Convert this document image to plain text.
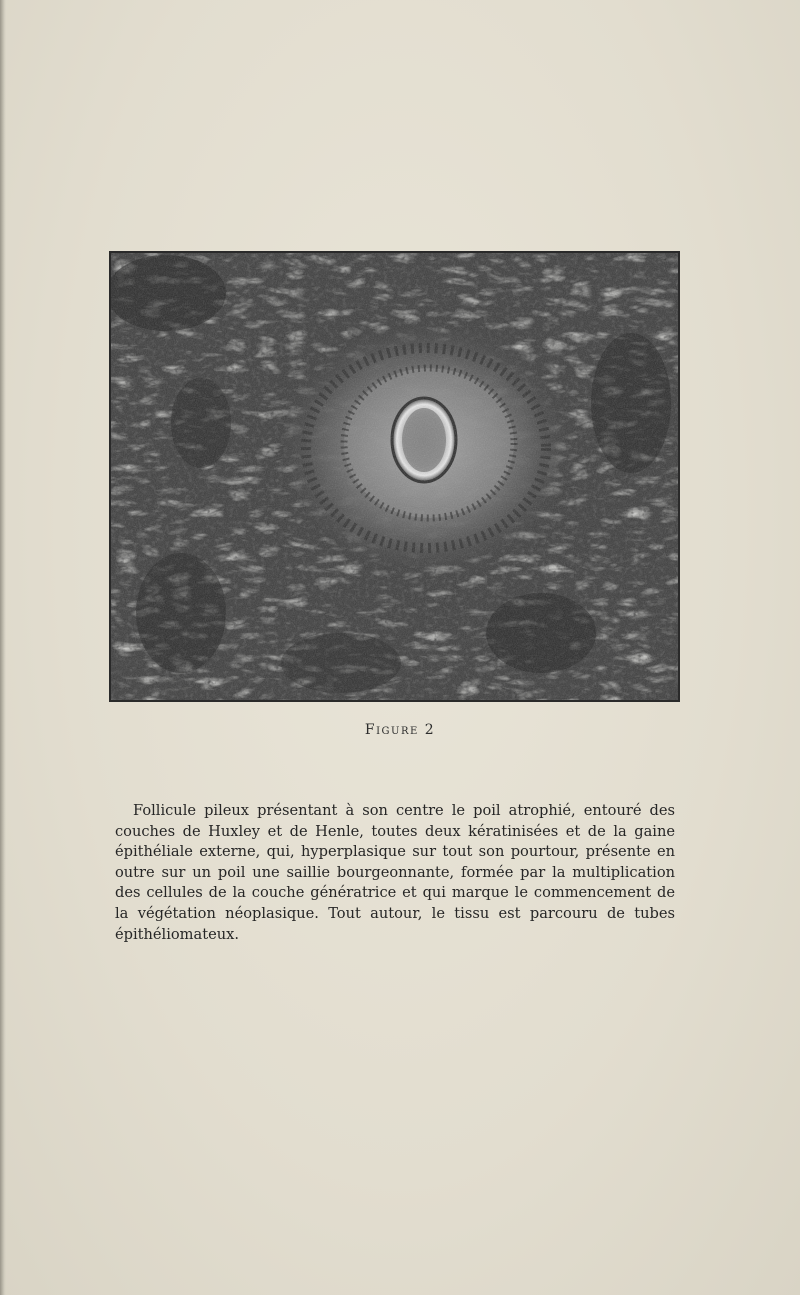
Figure 2

Follicule pileux présentant à son centre le poil atrophié, entouré des couches de Huxley et de Henle, toutes deux kératinisées et de la gaine épithéliale externe, qui, hyperplasique sur tout son pourtour, présente en outre sur un poil une saillie bourgeonnante, formée par la multiplication des cellules de la couche génératrice et qui marque le commencement de la végétation néoplasique. Tout autour, le tissu est parcouru de tubes épithéliomateux.
